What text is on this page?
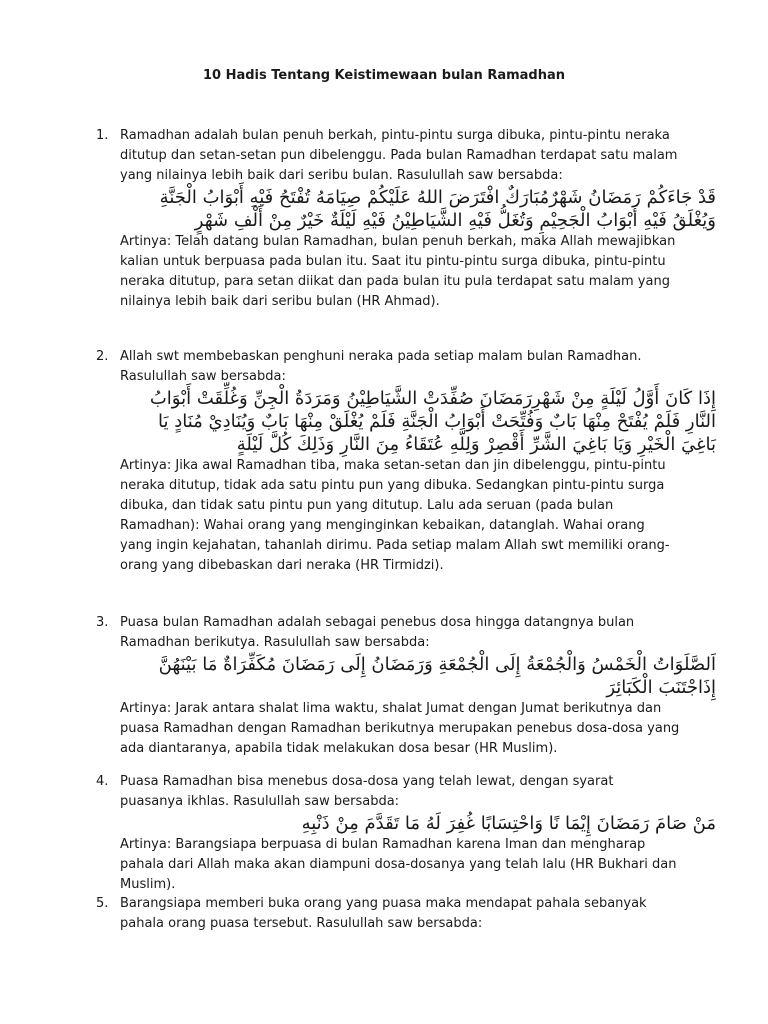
10 Hadis Tentang Keistimewaan bulan Ramadhan
1. Ramadhan adalah bulan penuh berkah, pintu-pintu surga dibuka, pintu-pintu neraka ditutup dan setan-setan pun dibelenggu. Pada bulan Ramadhan terdapat satu malam yang nilainya lebih baik dari seribu bulan. Rasulullah saw bersabda:

قَدْ جَاءَكُمْ رَمَضَانُ شَهْرٌمُبَارَكٌ افْتَرَضَ اللهُ عَلَيْكُمْ صِيَامَهُ تُفْتَحُ فَيْهِ أَبْوَابُ الْجَنَّةِ وَيُغْلَقُ فَيْهِ أَبْوَابُ الْجَحِيْمِ وَتُغَلُّ فَيْهِ الشَّيَاطِيْنُ فَيْهِ لَيْلَةٌ خَيْرٌ مِنْ أَلْفِ شَهْرٍ

Artinya: Telah datang bulan Ramadhan, bulan penuh berkah, maka Allah mewajibkan kalian untuk berpuasa pada bulan itu. Saat itu pintu-pintu surga dibuka, pintu-pintu neraka ditutup, para setan diikat dan pada bulan itu pula terdapat satu malam yang nilainya lebih baik dari seribu bulan (HR Ahmad).

2. Allah swt membebaskan penghuni neraka pada setiap malam bulan Ramadhan. Rasulullah saw bersabda:

إِذَا كَانَ أَوَّلُ لَيْلَةٍ مِنْ شَهْرِرَمَضَانَ صُفِّدَتْ الشَّيَاطِيْنُ وَمَرَدَةُ الْجِنِّ وَغُلِّقَتْ أَبْوَابُ النَّارِ فَلَمْ يُفْتَحْ مِنْهَا بَابٌ وَفُتِّحَتْ أَبْوَابُ الْجَنَّةِ فَلَمْ يُغْلَقْ مِنْهَا بَابٌ وَيُنَادِيْ مُنَادٍ يَا بَاغِيَ الْخَيْرِ وَيَا بَاغِيَ الشَّرِّ أَقْصِرْ وَلِلَّهِ عُتَقَاءُ مِنَ النَّارِ وَذَلِكَ كُلَّ لَيْلَةٍ

Artinya: Jika awal Ramadhan tiba, maka setan-setan dan jin dibelenggu, pintu-pintu neraka ditutup, tidak ada satu pintu pun yang dibuka. Sedangkan pintu-pintu surga dibuka, dan tidak satu pintu pun yang ditutup. Lalu ada seruan (pada bulan Ramadhan): Wahai orang yang menginginkan kebaikan, datanglah. Wahai orang yang ingin kejahatan, tahanlah dirimu. Pada setiap malam Allah swt memiliki orang-orang yang dibebaskan dari neraka (HR Tirmidzi).

3. Puasa bulan Ramadhan adalah sebagai penebus dosa hingga datangnya bulan Ramadhan berikutya. Rasulullah saw bersabda:

اَلصَّلَوَاتُ الْخَمْسُ وَالْجُمْعَةُ إِلَى الْجُمْعَةِ وَرَمَضَانُ إِلَى رَمَضَانَ مُكَفِّرَاةٌ مَا بَيْنَهُنَّ إِذَاجْتَنَبَ الْكَبَائِرَ

Artinya: Jarak antara shalat lima waktu, shalat Jumat dengan Jumat berikutnya dan puasa Ramadhan dengan Ramadhan berikutnya merupakan penebus dosa-dosa yang ada diantaranya, apabila tidak melakukan dosa besar (HR Muslim).

4. Puasa Ramadhan bisa menebus dosa-dosa yang telah lewat, dengan syarat puasanya ikhlas. Rasulullah saw bersabda:

مَنْ صَامَ رَمَضَانَ إِيْمَا نًا وَاحْتِسَابًا غُفِرَ لَهُ مَا تَقَدَّمَ مِنْ ذَنْبِهِ

Artinya: Barangsiapa berpuasa di bulan Ramadhan karena Iman dan mengharap pahala dari Allah maka akan diampuni dosa-dosanya yang telah lalu (HR Bukhari dan Muslim).

5. Barangsiapa memberi buka orang yang puasa maka mendapat pahala sebanyak pahala orang puasa tersebut. Rasulullah saw bersabda:
